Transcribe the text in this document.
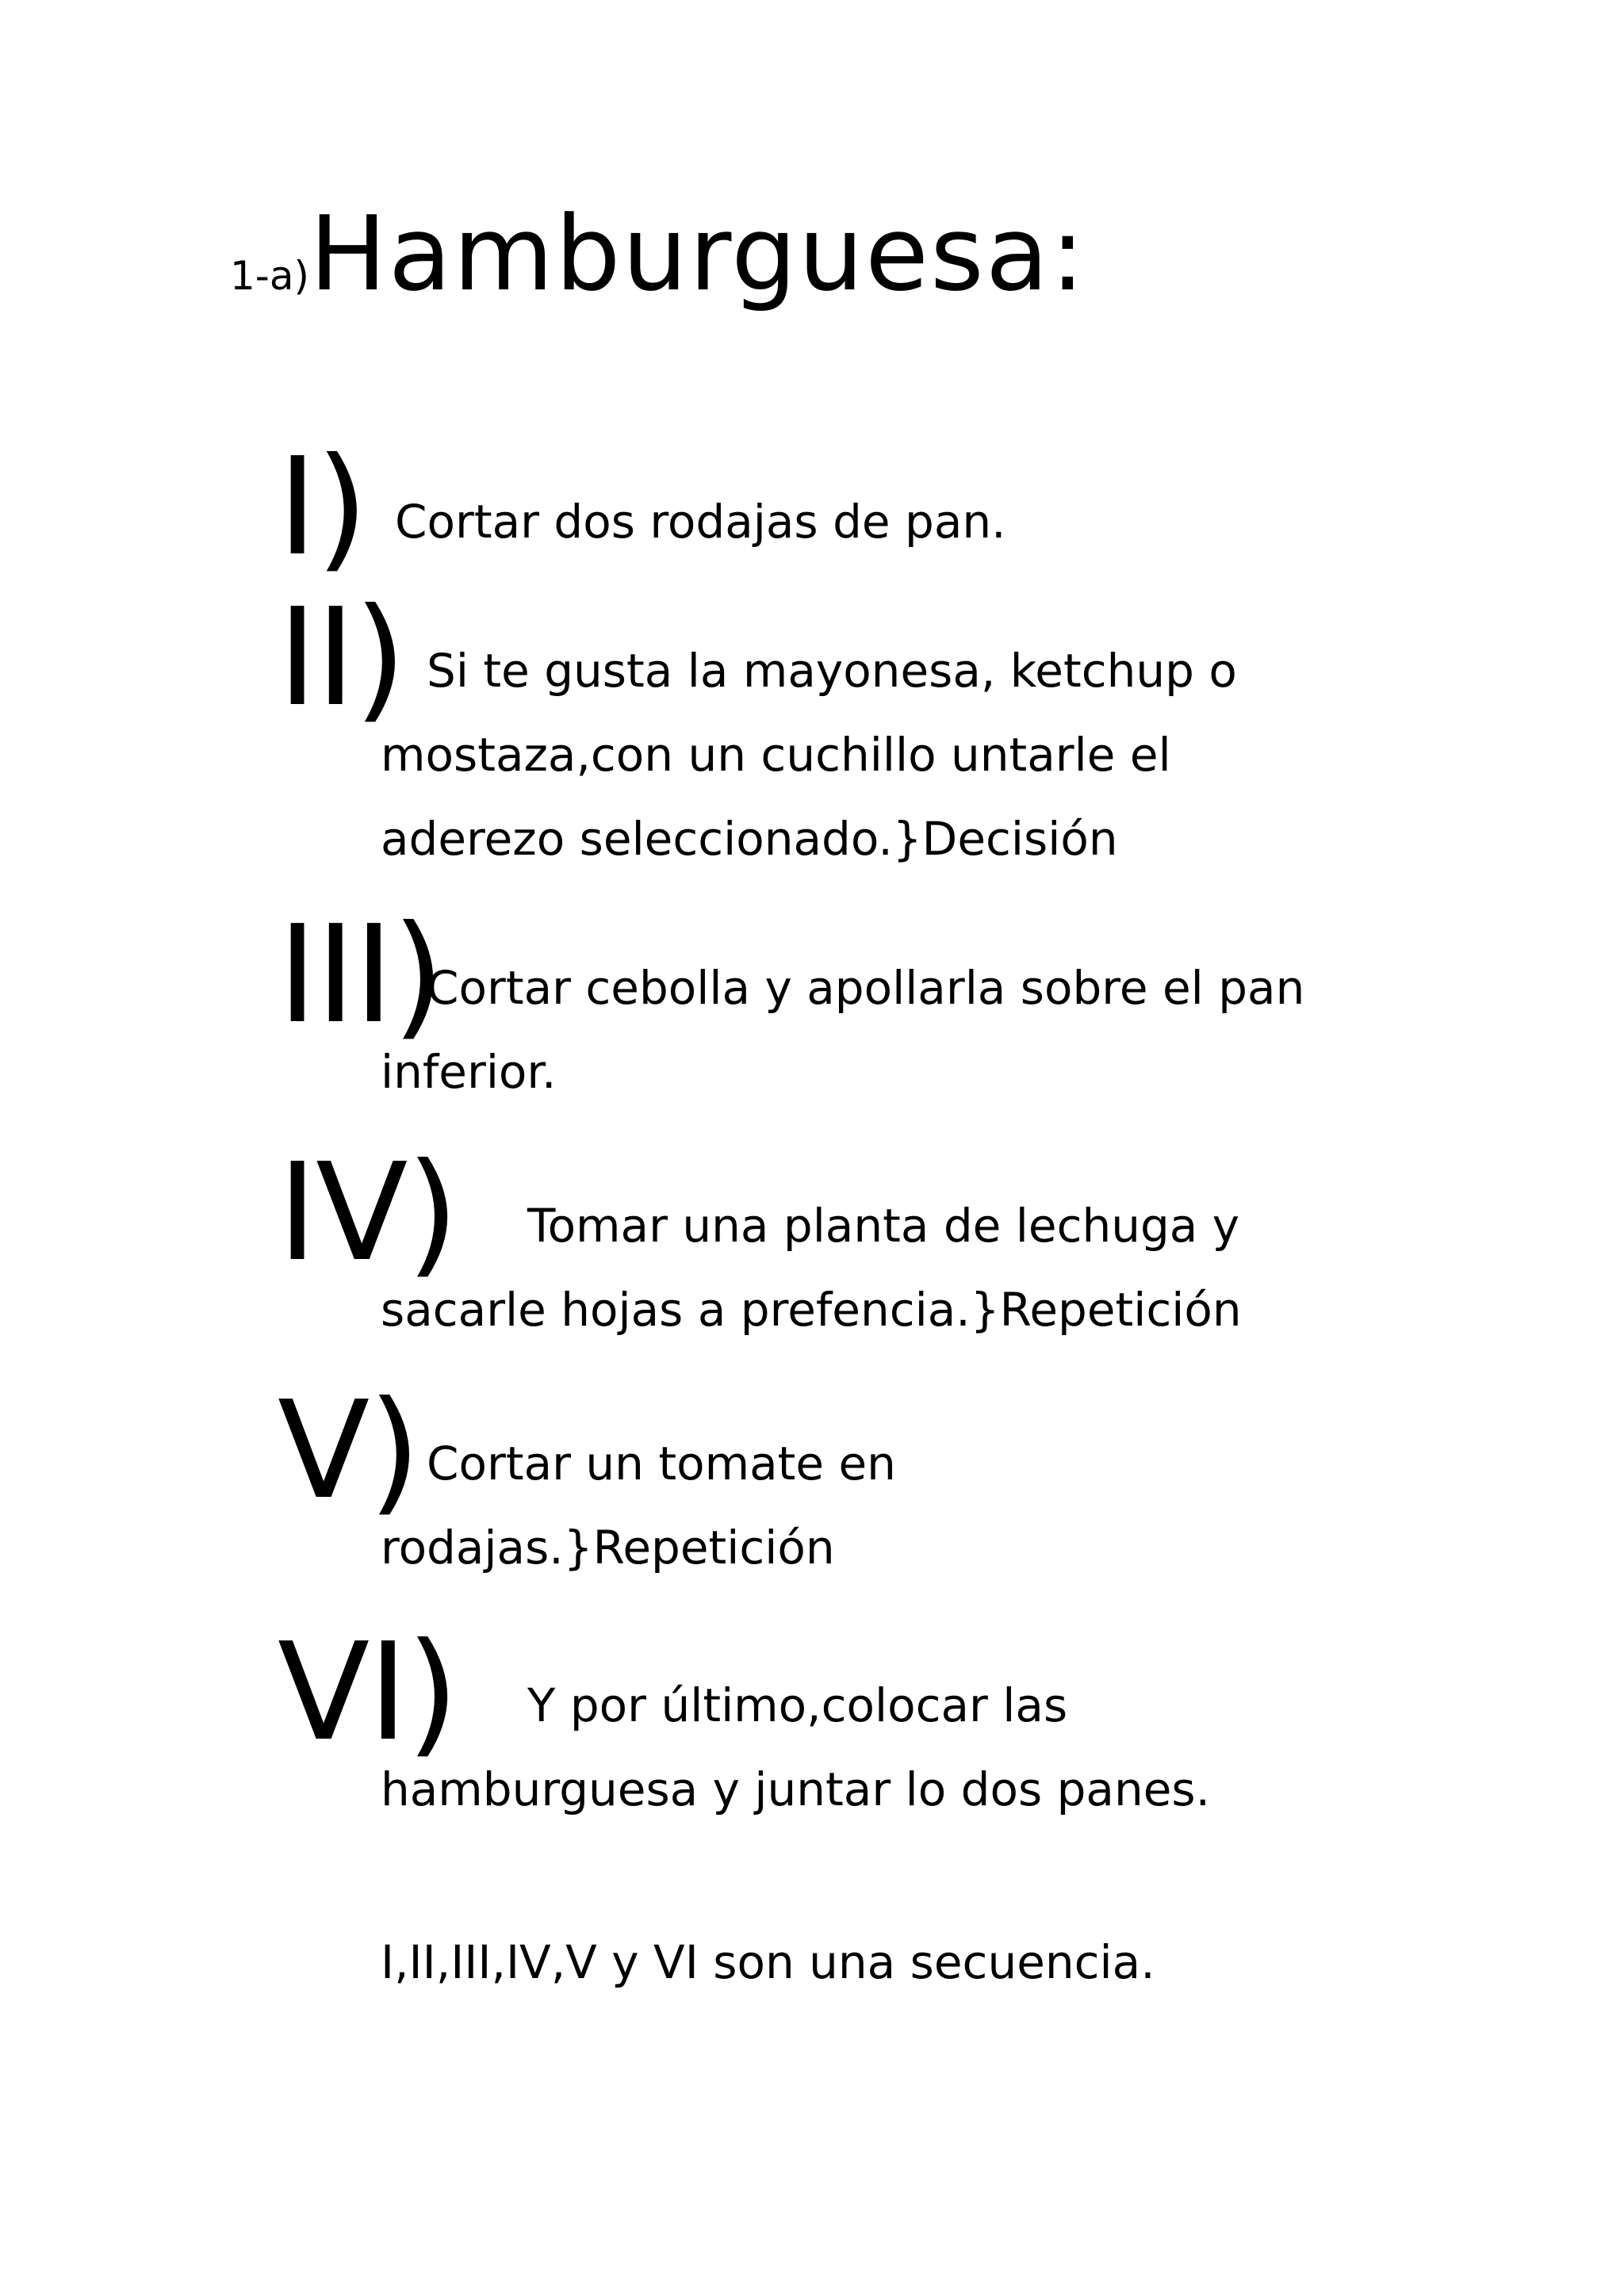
1-a)Hamburguesa:
I) Cortar dos rodajas de pan.
II) Si te gusta la mayonesa, ketchup o
mostaza,con un cuchillo untarle el
aderezo seleccionado.}Decisión
III)
Cortar cebolla y apollarla sobre el pan
inferior.
IV)	Tomar una planta de lechuga y
sacarle hojas a prefencia.}Repetición
V) Cortar un tomate en
rodajas.}Repetición
VI)	Y por último,colocar las
hamburguesa y juntar lo dos panes.
I,II,III,IV,V y VI son una secuencia.
